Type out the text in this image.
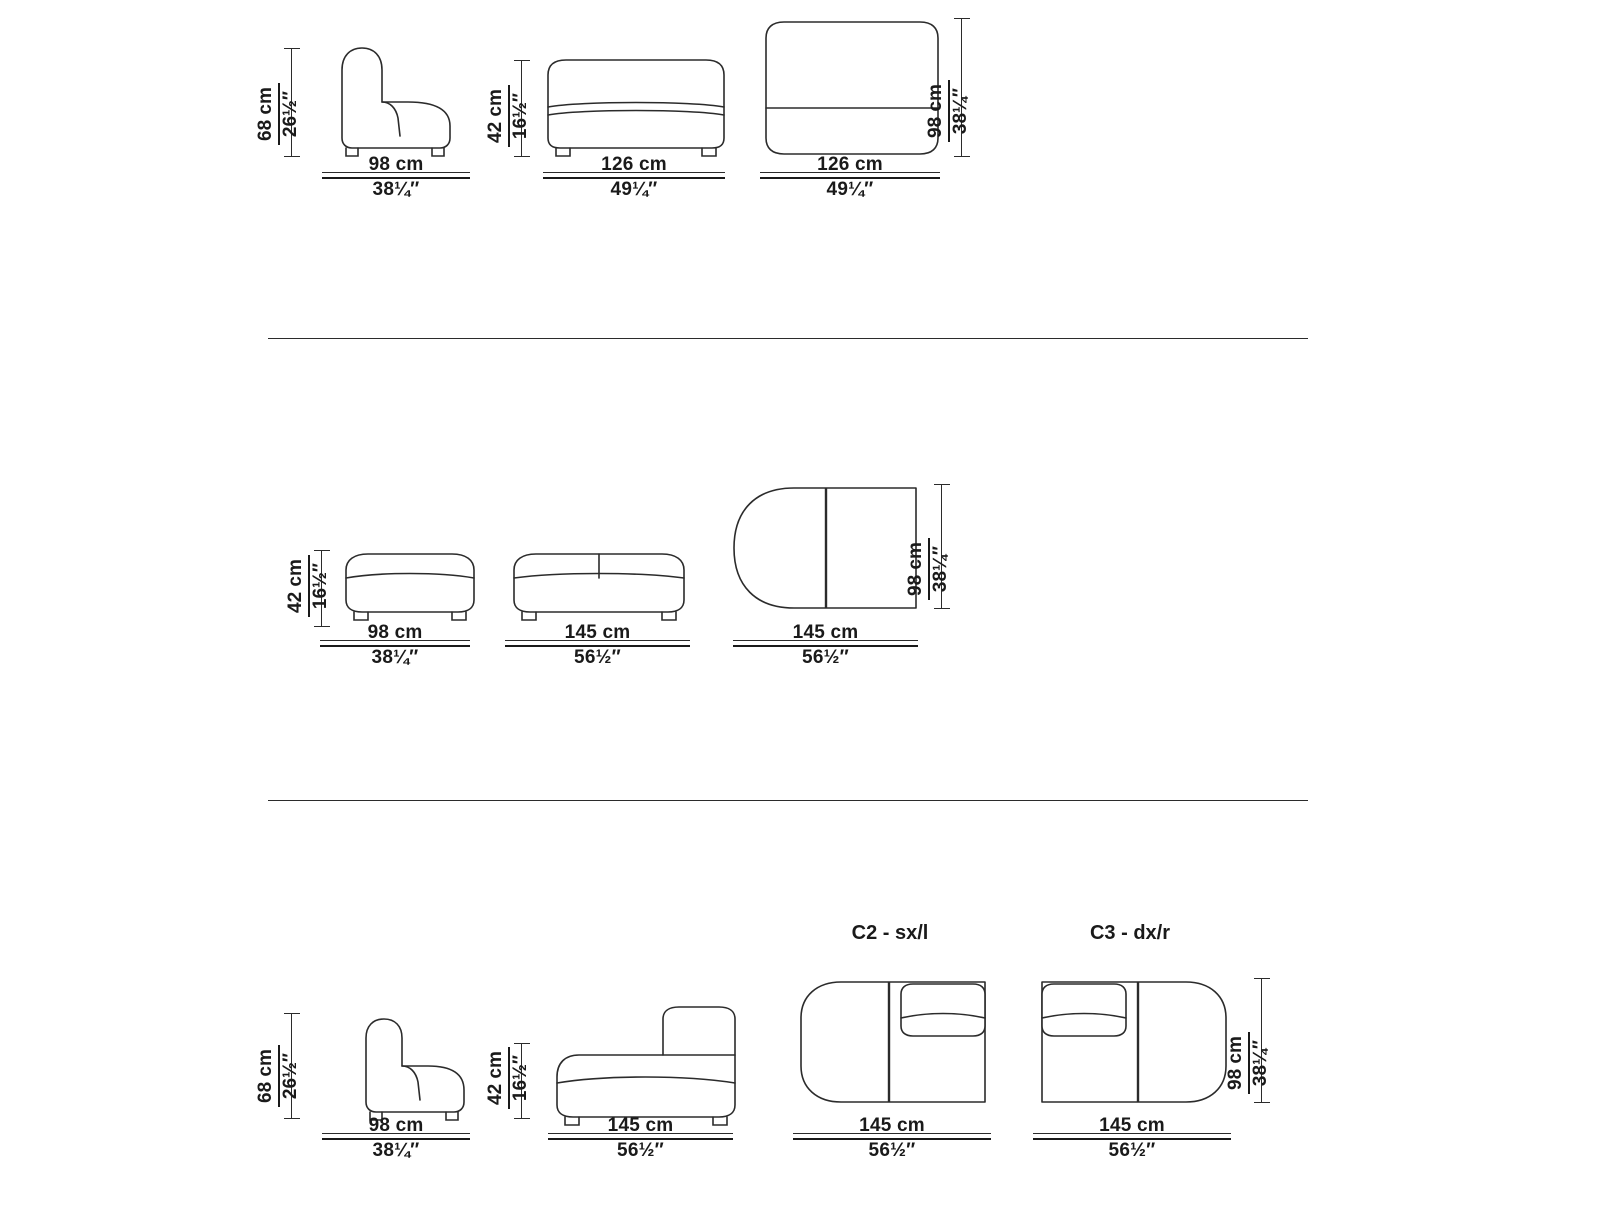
68 cm 26½″
98 cm
38¼″
42 cm 16½″
126 cm
49¼″
98 cm 38¼″
126 cm
49¼″
42 cm 16½″
98 cm
38¼″
145 cm
56½″
98 cm 38¼″
145 cm
56½″
68 cm 26½″
98 cm
38¼″
42 cm 16½″
145 cm
56½″
C2 - sx/l
145 cm
56½″
C3 - dx/r
98 cm 38¼″
145 cm
56½″
